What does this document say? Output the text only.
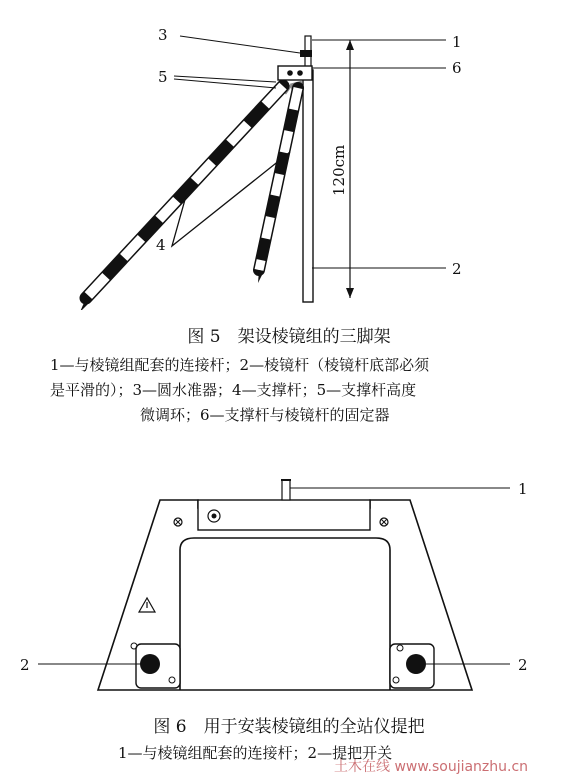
120cm
3	1
5	6
4
2
图 5　架设棱镜组的三脚架
1—与棱镜组配套的连接杆；2—棱镜杆（棱镜杆底部必须
是平滑的）；3—圆水准器；4—支撑杆；5—支撑杆高度
微调环；6—支撑杆与棱镜杆的固定器
1
2	2
图 6　用于安装棱镜组的全站仪提把
1—与棱镜组配套的连接杆；2—提把开关
土木在线 www.soujianzhu.cn
